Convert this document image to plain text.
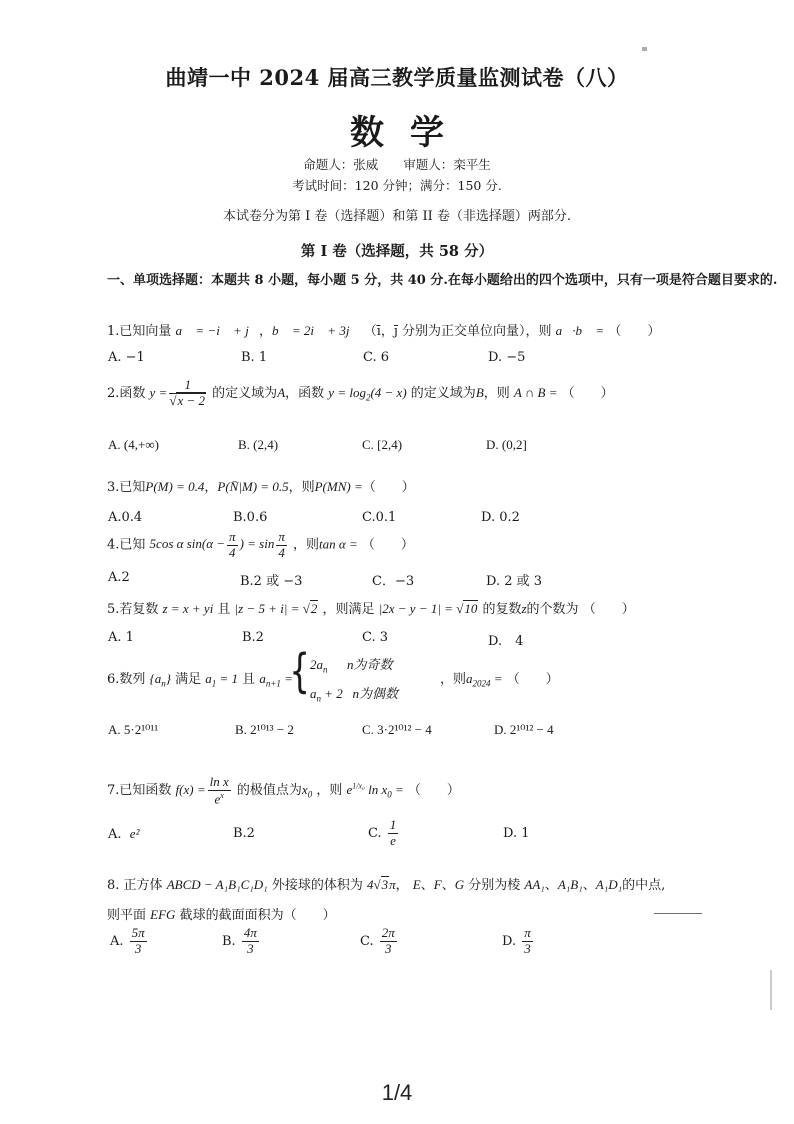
曲靖一中 2024 届高三教学质量监测试卷（八）
数学
命题人：张威　　审题人：栾平生
考试时间：120 分钟；满分：150 分.
本试卷分为第 I 卷（选择题）和第 II 卷（非选择题）两部分.
第 I 卷（选择题，共 58 分）
一、单项选择题：本题共 8 小题，每小题 5 分，共 40 分.在每小题给出的四个选项中，只有一项是符合题目要求的.
1.已知向量 a⃗ = −i⃗ + j⃗，b⃗ = 2i⃗ + 3j⃗ （ī，j̄ 分别为正交单位向量），则 a⃗·b⃗ = （　　）
A. −1	B. 1	C. 6	D. −5
2.函数 $y = \frac{1}{√x - 2}$ 的定义域为A，函数 $y = \log_2(4 - x)$ 的定义域为B，则 A ∩ B = （　　）
A. (4,+∞)	B. (2,4)	C. [2,4)	D. (0,2]
3.已知P(M) = 0.4，P(N̄|M) = 0.5，则P(MN) =（　　）
A.0.4	B.0.6	C.0.1	D. 0.2
4.已知 5cos α $\sin(\alpha - \frac{\pi}{4}$ ) = $\sin \frac{\pi}{4}$ ，则tan α = （　　）
A.2	B.2 或 −3	C．−3	D. 2 或 3
5.若复数 z = x + yi 且 |z − 5 + i| = √2 ，则满足 |2x − y − 1| = √10 的复数z的个数为 （　　）
A. 1	B.2	C. 3	D.　4
6.数列 $\{a_n\}$ 满足 $a_1 = 1$ 且 $a_{n+1}$ =
{ $2a_n$ n为奇数
$a_n + 2$   n为偶数
，则$a_{2024}$ = （　　）
A. 5·2¹⁰¹¹	B. 2¹⁰¹³ − 2	C. 3·2¹⁰¹² − 4	D. 2¹⁰¹² − 4
7.已知函数 $f(x) = \frac{\text{ln x}}{e^x}$ 的极值点为$x_0$ ，则 $e^{1/x_0}$ $\ln x_0$ = （　　）
A. e²	B.2	C. $\frac{1}{e}$	D. 1
8. 正方体 ABCD − A₁B₁C₁D₁ 外接球的体积为 4√3π， E、F、G 分别为棱 AA₁、A₁B₁、A₁D₁的中点,
则平面 EFG 截球的截面面积为（　　）
A. $\frac{5\pi}{3}$	B. $\frac{4\pi}{3}$	C. $\frac{2\pi}{3}$	D. $\frac{\pi}{3}$
1/4
